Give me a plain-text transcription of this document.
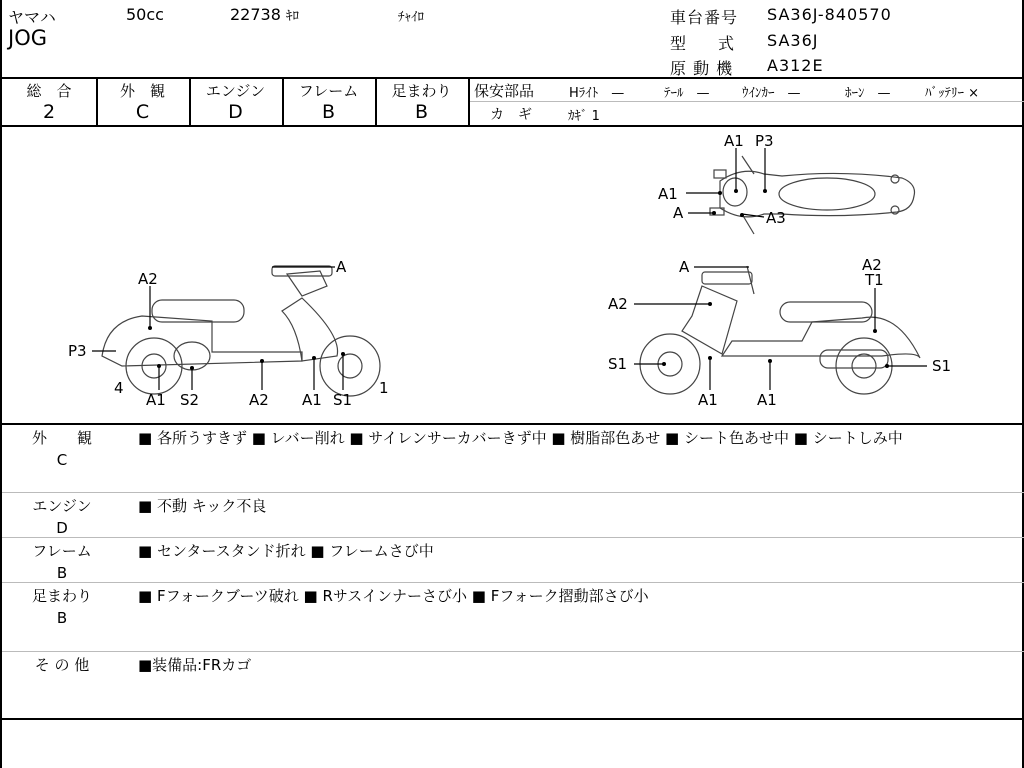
ヤマハ	50cc	22738 ｷﾛ	ﾁｬｲﾛ
JOG
車台番号 SA36J-840570
型　　式 SA36J
原 動 機 A312E
総　合
2
外　観
C
エンジン
D
フレーム
B
足まわり
B
保安部品	Hﾗｲﾄ　—	ﾃｰﾙ　— ｳｲﾝｶｰ　—	ﾎｰﾝ　—	ﾊﾞｯﾃﾘｰ ×
カ　ギ	ｶｷﾞ 1
A1 P3
A1
A	A3
A
A2
P3
4
A1 S2	A2 A1 S1
1
A	A2
T1
A2
S1	S1
A1	A1
外　　観
C
■ 各所うすきず ■ レバー削れ ■ サイレンサーカバーきず中 ■ 樹脂部色あせ ■ シート色あせ中 ■ シートしみ中
エンジン
D
■ 不動 キック不良
フレーム
B
■ センタースタンド折れ ■ フレームさび中
足まわり
B
■ Fフォークブーツ破れ ■ Rサスインナーさび小 ■ Fフォーク摺動部さび小
そ の 他	■装備品:FRカゴ
